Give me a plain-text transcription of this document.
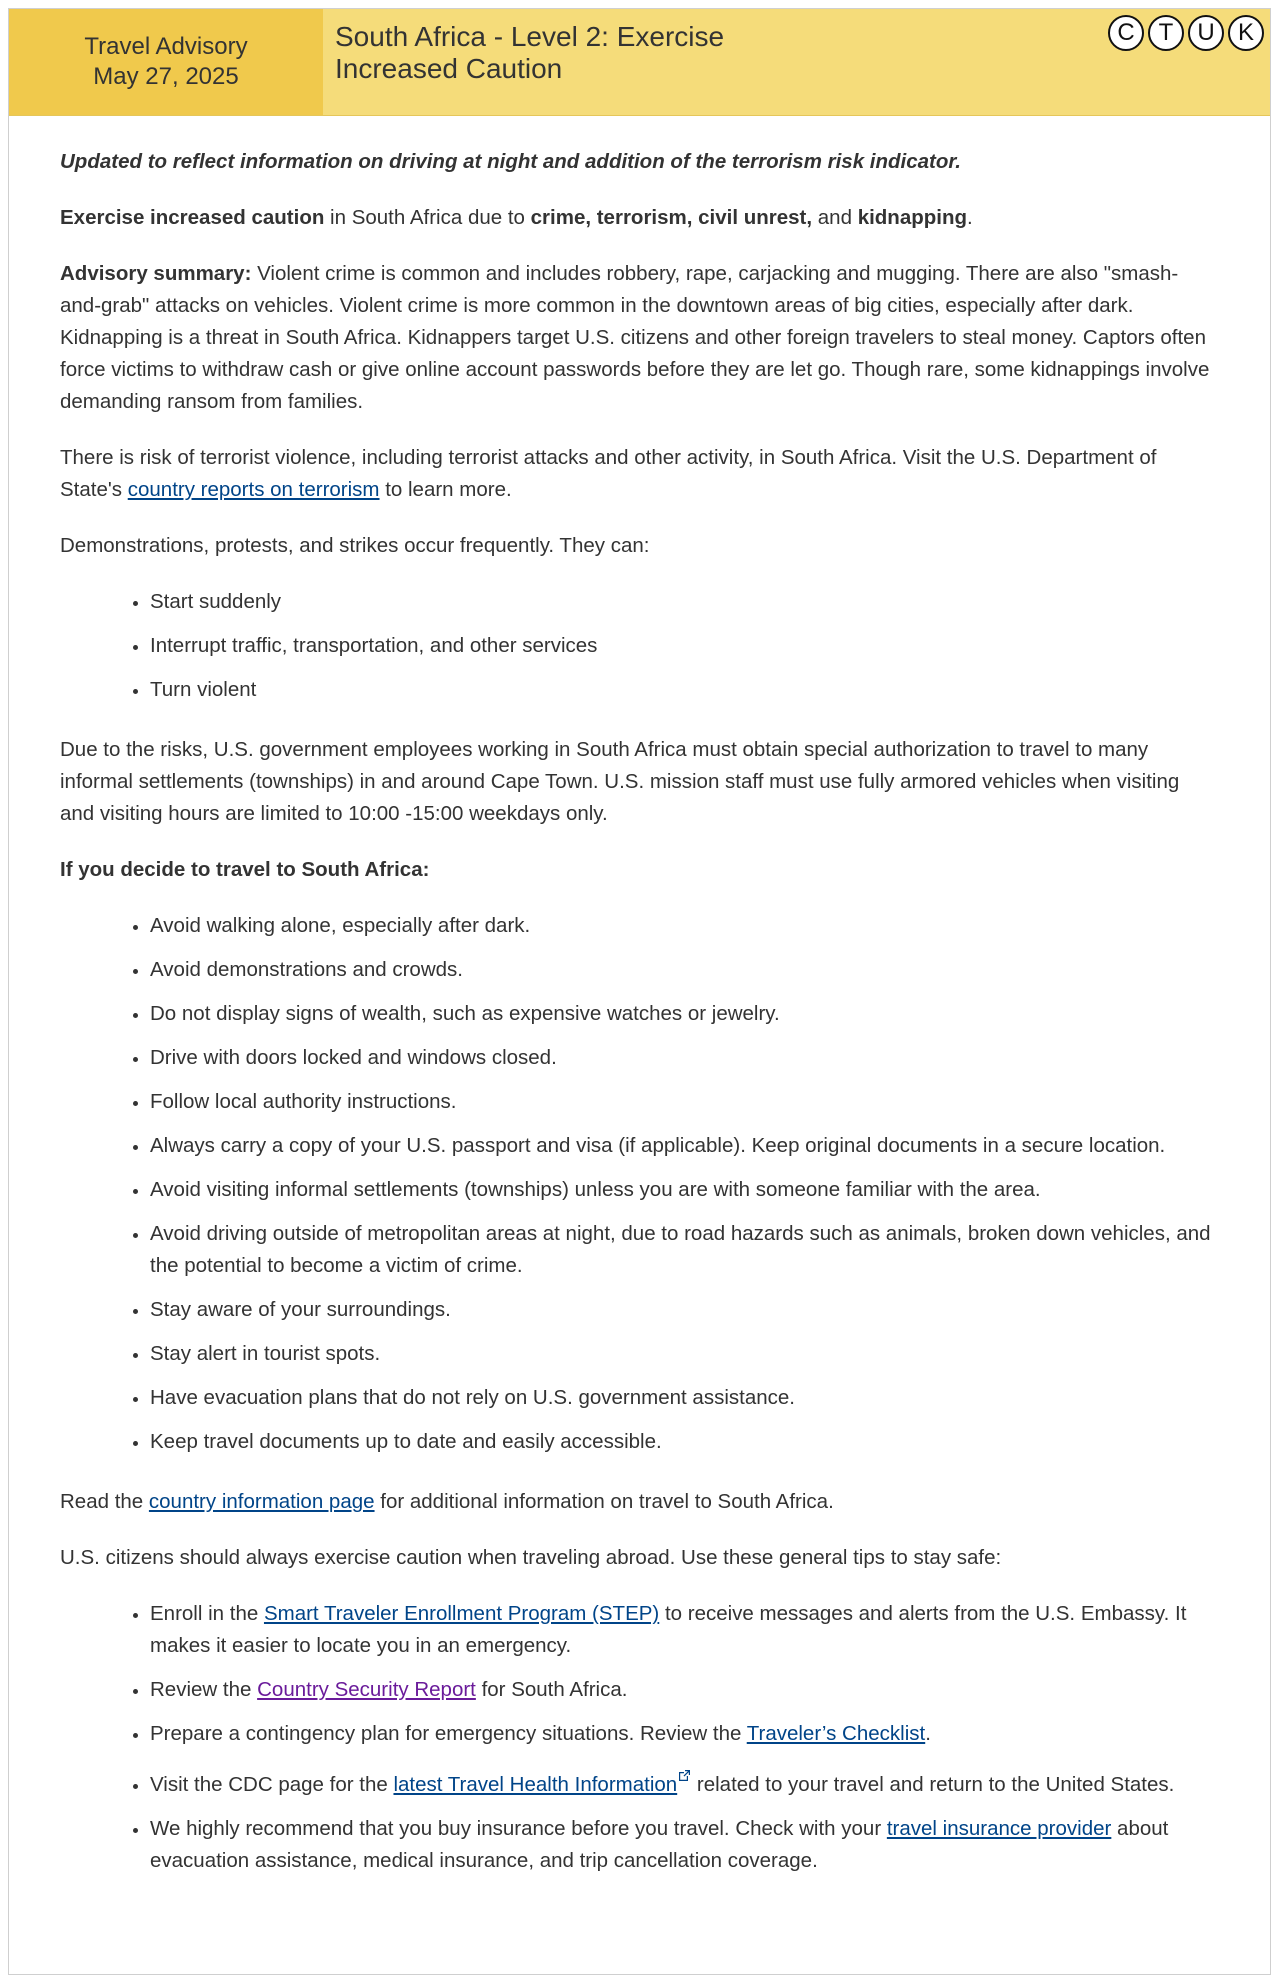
Travel Advisory
May 27, 2025
South Africa - Level 2: Exercise Increased Caution
C T	U K

Updated to reflect information on driving at night and addition of the terrorism risk indicator.

Exercise increased caution in South Africa due to crime, terrorism, civil unrest, and kidnapping.

Advisory summary: Violent crime is common and includes robbery, rape, carjacking and mugging. There are also "smash-and-grab" attacks on vehicles. Violent crime is more common in the downtown areas of big cities, especially after dark. Kidnapping is a threat in South Africa. Kidnappers target U.S. citizens and other foreign travelers to steal money. Captors often force victims to withdraw cash or give online account passwords before they are let go. Though rare, some kidnappings involve demanding ransom from families.

There is risk of terrorist violence, including terrorist attacks and other activity, in South Africa. Visit the U.S. Department of State's country reports on terrorism to learn more.

Demonstrations, protests, and strikes occur frequently. They can:

• Start suddenly
• Interrupt traffic, transportation, and other services
• Turn violent

Due to the risks, U.S. government employees working in South Africa must obtain special authorization to travel to many informal settlements (townships) in and around Cape Town. U.S. mission staff must use fully armored vehicles when visiting and visiting hours are limited to 10:00 -15:00 weekdays only.

If you decide to travel to South Africa:

• Avoid walking alone, especially after dark.
• Avoid demonstrations and crowds.
• Do not display signs of wealth, such as expensive watches or jewelry.
• Drive with doors locked and windows closed.
• Follow local authority instructions.
• Always carry a copy of your U.S. passport and visa (if applicable). Keep original documents in a secure location.
• Avoid visiting informal settlements (townships) unless you are with someone familiar with the area.
• Avoid driving outside of metropolitan areas at night, due to road hazards such as animals, broken down vehicles, and the potential to become a victim of crime.
• Stay aware of your surroundings.
• Stay alert in tourist spots.
• Have evacuation plans that do not rely on U.S. government assistance.
• Keep travel documents up to date and easily accessible.

Read the country information page for additional information on travel to South Africa.

U.S. citizens should always exercise caution when traveling abroad. Use these general tips to stay safe:

• Enroll in the Smart Traveler Enrollment Program (STEP) to receive messages and alerts from the U.S. Embassy. It makes it easier to locate you in an emergency.
• Review the Country Security Report for South Africa.
• Prepare a contingency plan for emergency situations. Review the Traveler’s Checklist.
• Visit the CDC page for the latest Travel Health Information related to your travel and return to the United States.
• We highly recommend that you buy insurance before you travel. Check with your travel insurance provider about evacuation assistance, medical insurance, and trip cancellation coverage.
